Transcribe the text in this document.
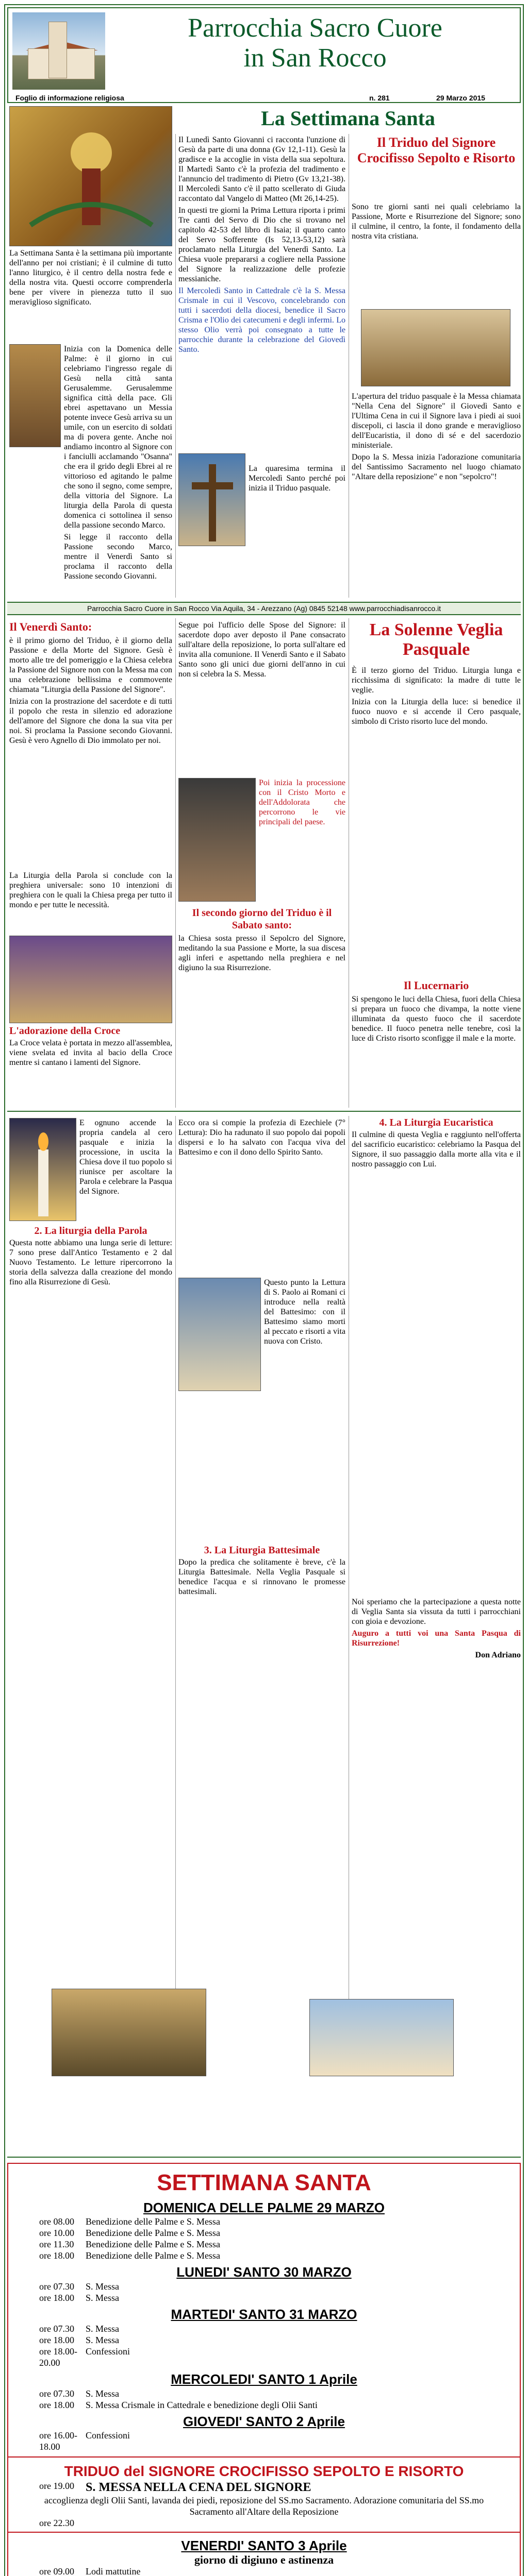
Parrocchia Sacro Cuore
in San Rocco
Foglio di informazione religiosa	n. 281	29 Marzo 2015
La Settimana Santa

La Settimana Santa è la settimana più importante dell'anno per noi cristiani; è il culmine di tutto l'anno liturgico, è il centro della nostra fede e della nostra vita. Questi occorre comprenderla bene per vivere in pienezza tutto il suo meraviglioso significato.

Inizia con la Domenica delle Palme: è il giorno in cui celebriamo l'ingresso regale di Gesù nella città santa Gerusalemme. Gerusalemme significa città della pace. Gli ebrei aspettavano un Messia potente invece Gesù arriva su un umile, con un esercito di soldati ma di povera gente. Anche noi andiamo incontro al Signore con i fanciulli acclamando "Osanna" che era il grido degli Ebrei al re vittorioso ed agitando le palme che sono il segno, come sempre, della vittoria del Signore. La liturgia della Parola di questa domenica ci sottolinea il senso della passione secondo Marco.

Si legge il racconto della Passione secondo Marco, mentre il Venerdì Santo si proclama il racconto della Passione secondo Giovanni.

Il Lunedì Santo Giovanni ci racconta l'unzione di Gesù da parte di una donna (Gv 12,1-11). Gesù la gradisce e la accoglie in vista della sua sepoltura. Il Martedì Santo c'è la profezia del tradimento e l'annuncio del tradimento di Pietro (Gv 13,21-38). Il Mercoledì Santo c'è il patto scellerato di Giuda raccontato dal Vangelo di Matteo (Mt 26,14-25).

In questi tre giorni la Prima Lettura riporta i primi Tre canti del Servo di Dio che si trovano nel capitolo 42-53 del libro di Isaia; il quarto canto del Servo Sofferente (Is 52,13-53,12) sarà proclamato nella Liturgia del Venerdì Santo. La Chiesa vuole prepararsi a cogliere nella Passione del Signore la realizzazione delle profezie messianiche.

Il Mercoledì Santo in Cattedrale c'è la S. Messa Crismale in cui il Vescovo, concelebrando con tutti i sacerdoti della diocesi, benedice il Sacro Crisma e l'Olio dei catecumeni e degli infermi. Lo stesso Olio verrà poi consegnato a tutte le parrocchie durante la celebrazione del Giovedì Santo.

La quaresima termina il Mercoledì Santo perché poi inizia il Triduo pasquale.

Il Triduo del Signore Crocifisso Sepolto e Risorto

Sono tre giorni santi nei quali celebriamo la Passione, Morte e Risurrezione del Signore; sono il culmine, il centro, la fonte, il fondamento della nostra vita cristiana.

L'apertura del triduo pasquale è la Messa chiamata "Nella Cena del Signore" il Giovedì Santo e l'Ultima Cena in cui il Signore lava i piedi ai suoi discepoli, ci lascia il dono grande e meraviglioso dell'Eucaristia, il dono di sé e del sacerdozio ministeriale.

Dopo la S. Messa inizia l'adorazione comunitaria del Santissimo Sacramento nel luogo chiamato "Altare della reposizione" e non "sepolcro"!

Parrocchia Sacro Cuore in San Rocco Via Aquila, 34 - Arezzano (Ag) 0845 52148 www.parrocchiadisanrocco.it

Il Venerdì Santo:

è il primo giorno del Triduo, è il giorno della Passione e della Morte del Signore. Gesù è morto alle tre del pomeriggio e la Chiesa celebra la Passione del Signore non con la Messa ma con una celebrazione bellissima e commovente chiamata "Liturgia della Passione del Signore".

Inizia con la prostrazione del sacerdote e di tutti il popolo che resta in silenzio ed adorazione dell'amore del Signore che dona la sua vita per noi. Si proclama la Passione secondo Giovanni. Gesù è vero Agnello di Dio immolato per noi.

La Liturgia della Parola si conclude con la preghiera universale: sono 10 intenzioni di preghiera con le quali la Chiesa prega per tutto il mondo e per tutte le necessità.

L'adorazione della Croce

La Croce velata è portata in mezzo all'assemblea, viene svelata ed invita al bacio della Croce mentre si cantano i lamenti del Signore.

Segue poi l'ufficio delle Spose del Signore: il sacerdote dopo aver deposto il Pane consacrato sull'altare della reposizione, lo porta sull'altare ed invita alla comunione. Il Venerdì Santo e il Sabato Santo sono gli unici due giorni dell'anno in cui non si celebra la S. Messa.

Poi inizia la processione con il Cristo Morto e dell'Addolorata che percorrono le vie principali del paese.

Il secondo giorno del Triduo è il Sabato santo:

la Chiesa sosta presso il Sepolcro del Signore, meditando la sua Passione e Morte, la sua discesa agli inferi e aspettando nella preghiera e nel digiuno la sua Risurrezione.

La Solenne Veglia Pasquale

È il terzo giorno del Triduo. Liturgia lunga e ricchissima di significato: la madre di tutte le veglie.

Inizia con la Liturgia della luce: si benedice il fuoco nuovo e si accende il Cero pasquale, simbolo di Cristo risorto luce del mondo.

Il Lucernario

Si spengono le luci della Chiesa, fuori della Chiesa si prepara un fuoco che divampa, la notte viene illuminata da questo fuoco che il sacerdote benedice. Il fuoco penetra nelle tenebre, così la luce di Cristo risorto sconfigge il male e la morte.

E ognuno accende la propria candela al cero pasquale e inizia la processione, in uscita la Chiesa dove il tuo popolo si riunisce per ascoltare la Parola e celebrare la Pasqua del Signore.

2. La liturgia della Parola

Questa notte abbiamo una lunga serie di letture: 7 sono prese dall'Antico Testamento e 2 dal Nuovo Testamento. Le letture ripercorrono la storia della salvezza dalla creazione del mondo fino alla Risurrezione di Gesù.

Ecco ora si compie la profezia di Ezechiele (7° Lettura): Dio ha radunato il suo popolo dai popoli dispersi e lo ha salvato con l'acqua viva del Battesimo e con il dono dello Spirito Santo.

Questo punto la Lettura di S. Paolo ai Romani ci introduce nella realtà del Battesimo: con il Battesimo siamo morti al peccato e risorti a vita nuova con Cristo.

3. La Liturgia Battesimale

Dopo la predica che solitamente è breve, c'è la Liturgia Battesimale. Nella Veglia Pasquale si benedice l'acqua e si rinnovano le promesse battesimali.

4. La Liturgia Eucaristica

Il culmine di questa Veglia e raggiunto nell'offerta del sacrificio eucaristico: celebriamo la Pasqua del Signore, il suo passaggio dalla morte alla vita e il nostro passaggio con Lui.

Noi speriamo che la partecipazione a questa notte di Veglia Santa sia vissuta da tutti i parrocchiani con gioia e devozione.

Auguro a tutti voi una Santa Pasqua di Risurrezione!

Don Adriano

SETTIMANA SANTA
DOMENICA DELLE PALME 29 MARZO
ore 08.00	Benedizione delle Palme e S. Messa
ore 10.00	Benedizione delle Palme e S. Messa
ore 11.30	Benedizione delle Palme e S. Messa
ore 18.00	Benedizione delle Palme e S. Messa
LUNEDI' SANTO 30 MARZO
ore 07.30	S. Messa
ore 18.00	S. Messa
MARTEDI' SANTO 31 MARZO
ore 07.30	S. Messa
ore 18.00	S. Messa
ore 18.00-20.00
Confessioni
MERCOLEDI' SANTO 1 Aprile
ore 07.30	S. Messa
ore 18.00	S. Messa Crismale in Cattedrale e benedizione degli Olii Santi
GIOVEDI' SANTO 2 Aprile
ore 16.00-18.00
Confessioni
TRIDUO del SIGNORE CROCIFISSO SEPOLTO E RISORTO
ore 19.00 S. MESSA NELLA CENA DEL SIGNORE
accoglienza degli Olii Santi, lavanda dei piedi, reposizione del SS.mo Sacramento. Adorazione comunitaria del SS.mo Sacramento all'Altare della Reposizione
ore 22.30
VENERDI' SANTO 3 Aprile
giorno di digiuno e astinenza
ore 09.00	Lodi mattutine
